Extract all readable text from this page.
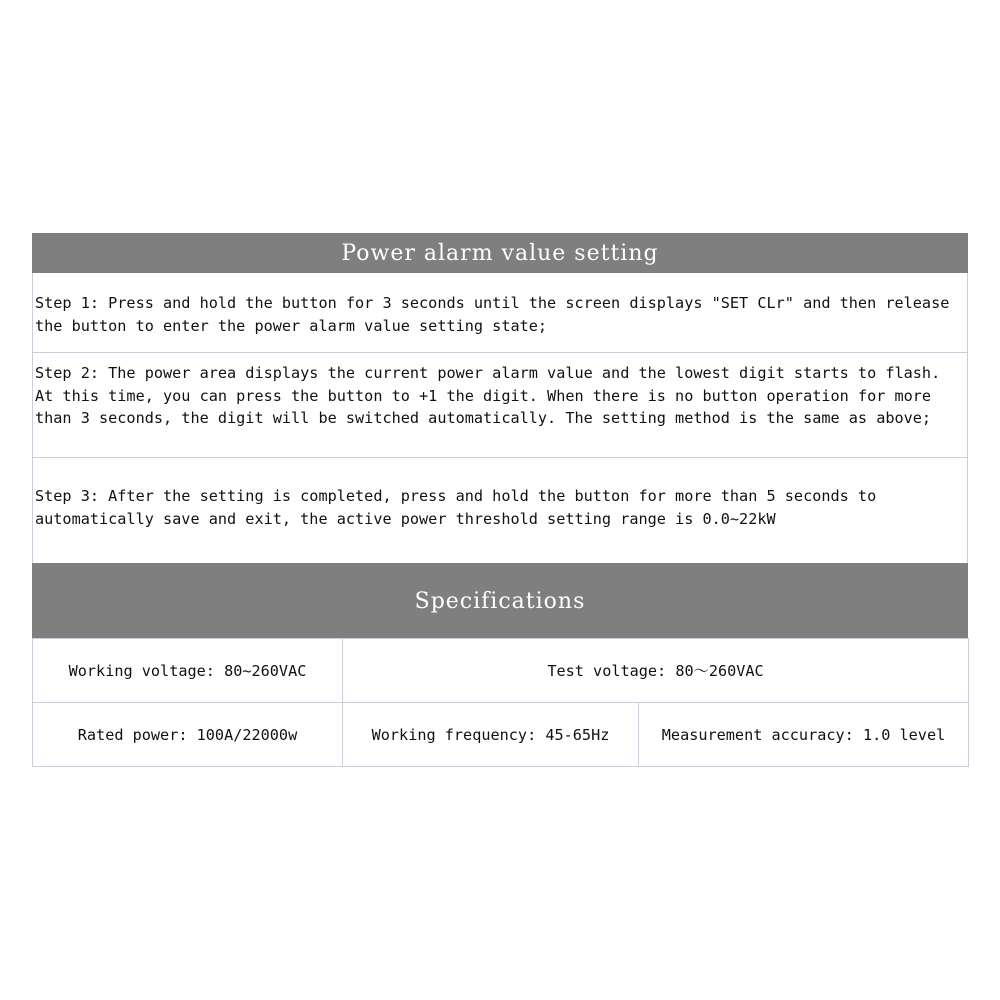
Power alarm value setting
Step 1: Press and hold the button for 3 seconds until the screen displays "SET CLr" and then release the button to enter the power alarm value setting state;
Step 2: The power area displays the current power alarm value and the lowest digit starts to flash. At this time, you can press the button to +1 the digit. When there is no button operation for more than 3 seconds, the digit will be switched automatically. The setting method is the same as above;
Step 3: After the setting is completed, press and hold the button for more than 5 seconds to automatically save and exit, the active power threshold setting range is 0.0~22kW
Specifications
Working voltage: 80~260VAC	Test voltage: 80～260VAC	
Rated power: 100A/22000w	Working frequency: 45-65Hz	Measurement accuracy: 1.0 level
